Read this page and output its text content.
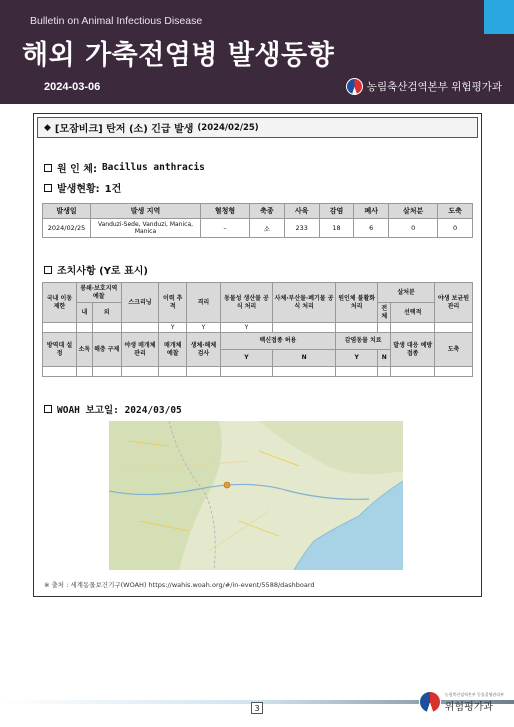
Bulletin on Animal Infectious Disease
해외 가축전염병 발생동향
2024-03-06	농림축산검역본부 위험평가과
◆ [모잠비크] 탄저 (소) 긴급 발생 (2024/02/25)
원 인 체: Bacillus anthracis
발생현황: 1건
발생일	발생 지역	혈청형	축종	사육	감염	폐사	살처분	도축
2024/02/25	Vanduzi-Sede, Vanduzi, Manica, Manica	–	소	233	18	6	0	0
조치사항 (Y로 표시)
국내 이동 제한	봉쇄·보호지역 예찰		스크리닝	이력 추적	격리	동물성 생산물 공식 처리	사체·부산물·폐기물 공식 처리	원인체 불활화 처리	살처분		야생 보균원 관리
	내	외							전체	선택적	
				Y	Y	Y					
방역대 설정	소독	해충 구제	야생 매개체 관리	매개체 예찰	생체·해체 검사	백신접종 허용		감염동물 치료		발생 대응 예방 접종	도축
						Y	N	Y	N		

WOAH 보고일: 2024/03/05
※ 출처 : 세계동물보건기구(WOAH) https://wahis.woah.org/#/in-event/5588/dashboard
3
농림축산검역본부 동물질병관리부
위험평가과
